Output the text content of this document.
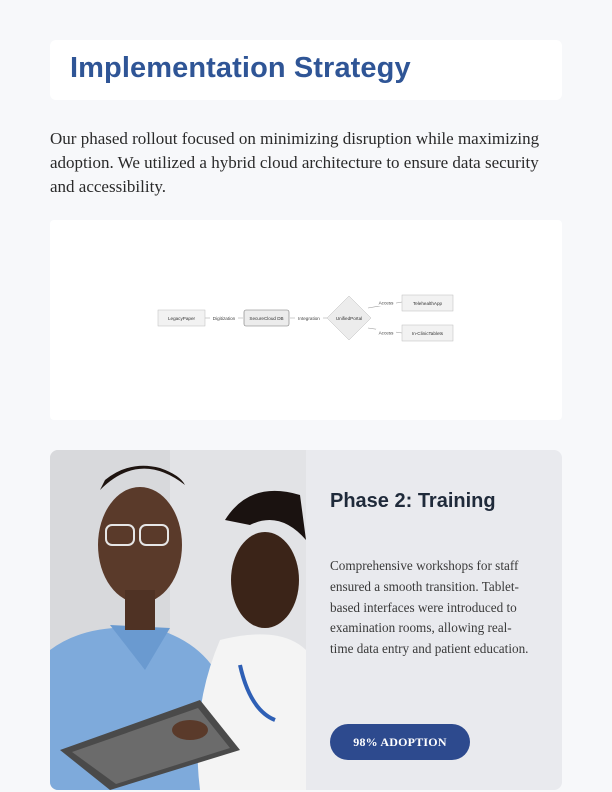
Implementation Strategy

Our phased rollout focused on minimizing disruption while maximizing adoption. We utilized a hybrid cloud architecture to ensure data security and accessibility.

Digitization	Integration
Access
Access
LegacyPaper	SecureCloud DB	UnifiedPortal
TelehealthApp
In-ClinicTablets
Phase 2: Training

Comprehensive workshops for staff ensured a smooth transition. Tablet-based interfaces were introduced to examination rooms, allowing real-time data entry and patient education.

98% ADOPTION
